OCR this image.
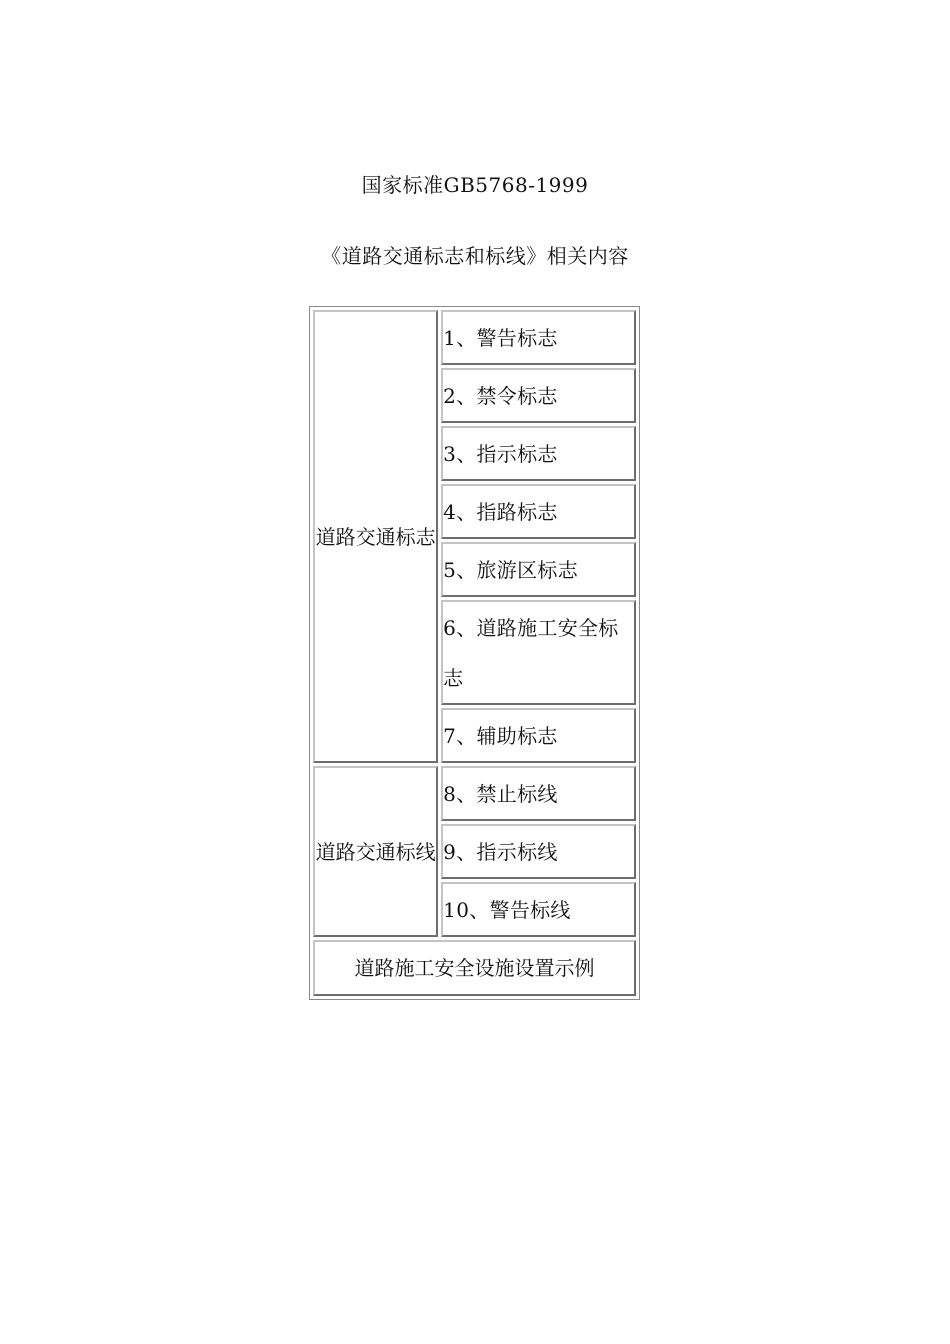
国家标准GB5768-1999
《道路交通标志和标线》相关内容
道路交通标志	1、警告标志
	2、禁令标志
	3、指示标志
	4、指路标志
	5、旅游区标志
	6、道路施工安全标志
	7、辅助标志
道路交通标线	8、禁止标线
	9、指示标线
	10、警告标线
道路施工安全设施设置示例	
